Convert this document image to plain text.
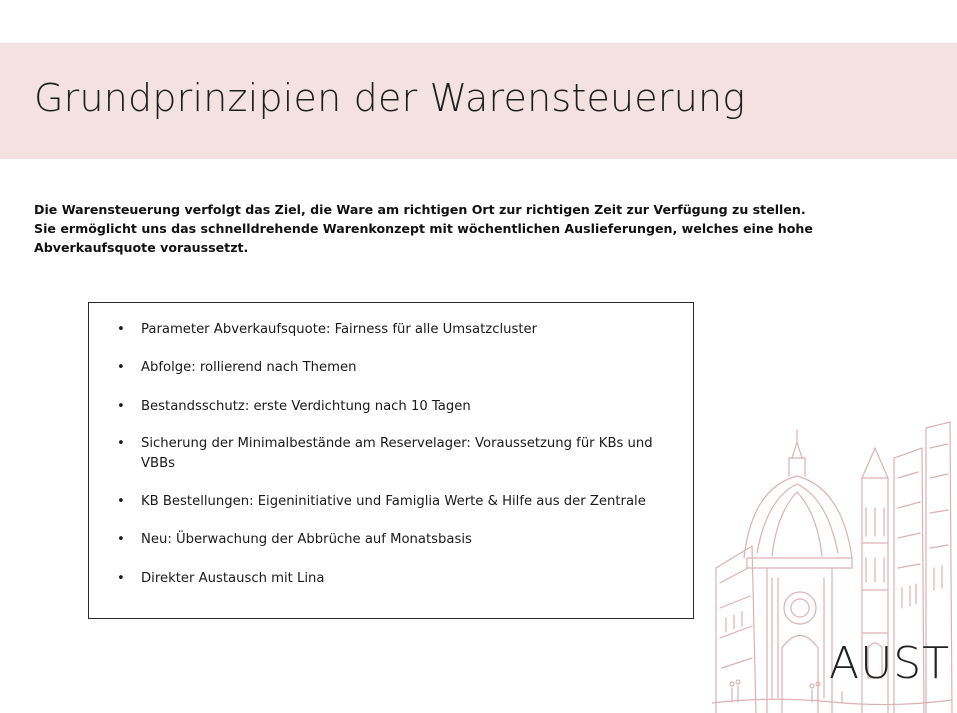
Grundprinzipien der Warensteuerung

Die Warensteuerung verfolgt das Ziel, die Ware am richtigen Ort zur richtigen Zeit zur Verfügung zu stellen.

Sie ermöglicht uns das schnelldrehende Warenkonzept mit wöchentlichen Auslieferungen, welches eine hohe Abverkaufsquote voraussetzt.

• Parameter Abverkaufsquote: Fairness für alle Umsatzcluster
• Abfolge: rollierend nach Themen
• Bestandsschutz: erste Verdichtung nach 10 Tagen
• Sicherung der Minimalbestände am Reservelager: Voraussetzung für KBs und VBBs
• KB Bestellungen: Eigeninitiative und Famiglia Werte & Hilfe aus der Zentrale
• Neu: Überwachung der Abbrüche auf Monatsbasis
• Direkter Austausch mit Lina
AUST
